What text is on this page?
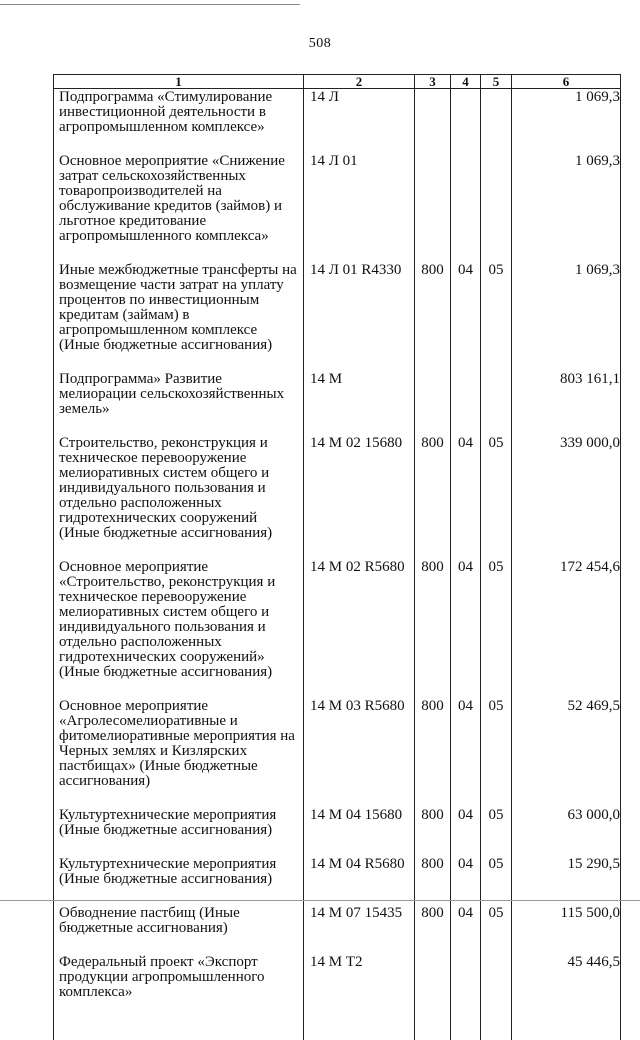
508
1	2	3	4	5	6
Подпрограмма «Стимулирование инвестиционной деятельности в агропромышленном комплексе»	14 Л				1 069,3
Основное мероприятие «Снижение затрат сельскохозяйственных товаропроизводителей на обслуживание кредитов (займов) и льготное кредитование агропромышленного комплекса»	14 Л 01				1 069,3
Иные межбюджетные трансферты на возмещение части затрат на уплату процентов по инвестиционным кредитам (займам) в агропромышленном комплексе (Иные бюджетные ассигнования)	14 Л 01 R4330	800	04	05	1 069,3
Подпрограмма» Развитие мелиорации сельскохозяйственных земель»	14 М				803 161,1
Строительство, реконструкция и техническое перевооружение мелиоративных систем общего и индивидуального пользования и отдельно расположенных гидротехнических сооружений (Иные бюджетные ассигнования)	14 М 02 15680	800	04	05	339 000,0
Основное мероприятие «Строительство, реконструкция и техническое перевооружение мелиоративных систем общего и индивидуального пользования и отдельно расположенных гидротехнических сооружений» (Иные бюджетные ассигнования)	14 М 02 R5680	800	04	05	172 454,6
Основное мероприятие «Агролесомелиоративные и фитомелиоративные мероприятия на Черных землях и Кизлярских пастбищах» (Иные бюджетные ассигнования)	14 М 03 R5680	800	04	05	52 469,5
Культуртехнические мероприятия (Иные бюджетные ассигнования)	14 М 04 15680	800	04	05	63 000,0
Культуртехнические мероприятия (Иные бюджетные ассигнования)	14 М 04 R5680	800	04	05	15 290,5
Обводнение пастбищ (Иные бюджетные ассигнования)	14 М 07 15435	800	04	05	115 500,0
Федеральный проект «Экспорт продукции агропромышленного комплекса»	14 М Т2				45 446,5
